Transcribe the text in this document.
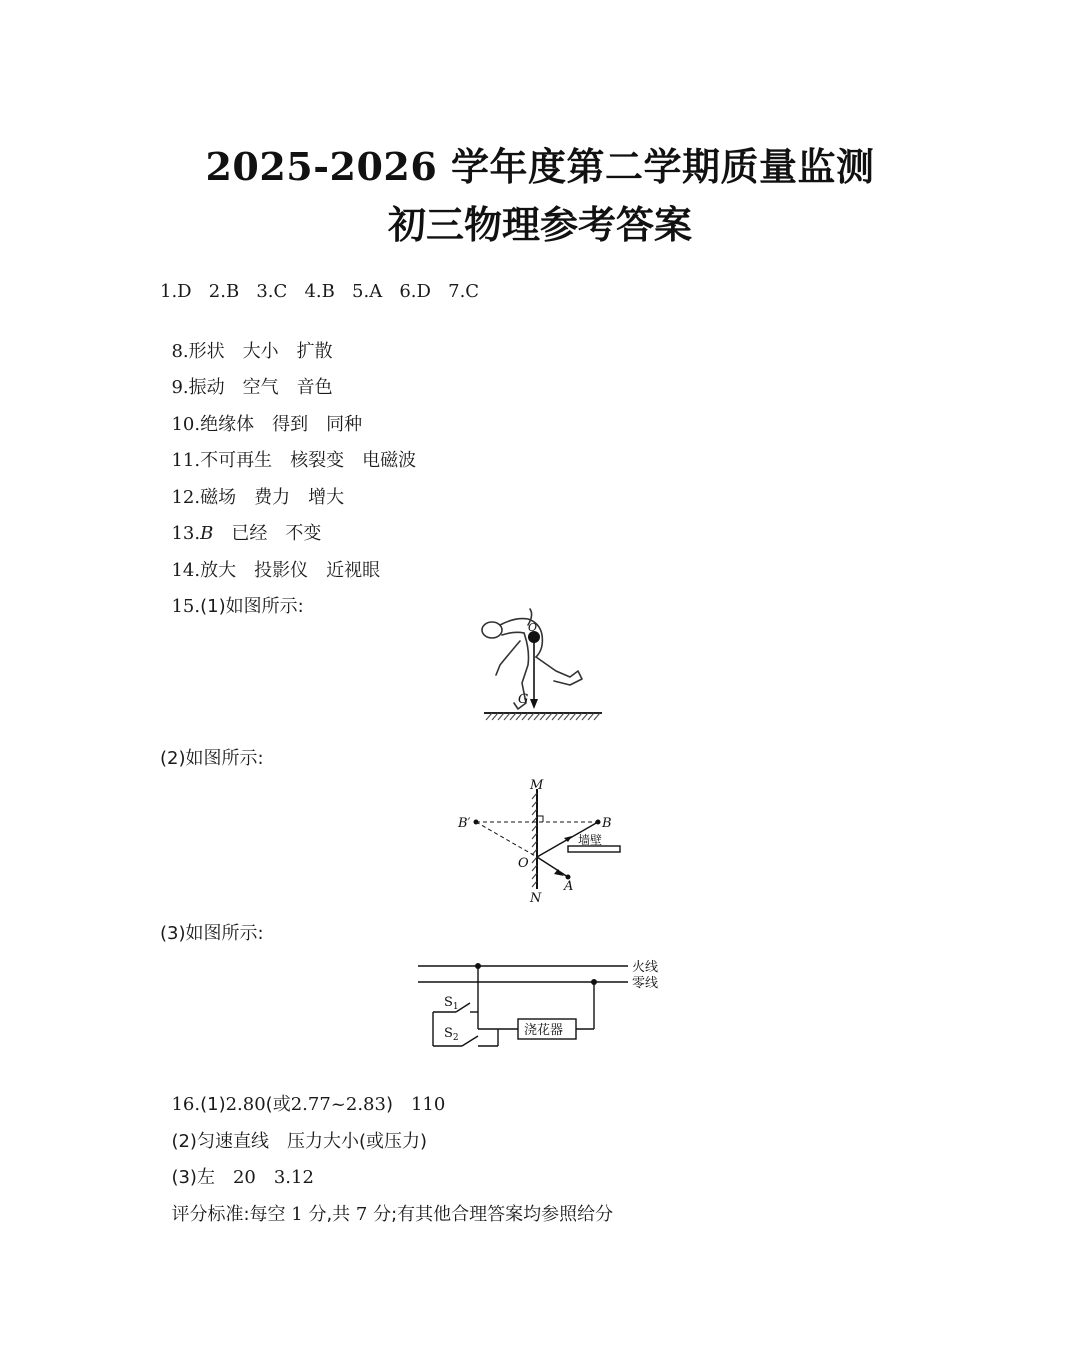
2025-2026 学年度第二学期质量监测
初三物理参考答案
1.D   2.B   3.C   4.B   5.A   6.D   7.C

8.形状 大小 扩散

9.振动 空气 音色

10.绝缘体 得到 同种

11.不可再生 核裂变 电磁波

12.磁场 费力 增大

13.B 已经 不变

14.放大 投影仪 近视眼

15.(1)如图所示:

O
G
(2)如图所示:
M
N
B′	B
O
A
墙壁
(3)如图所示:
火线
零线
$S_1$
$S_2$	浇花器

16.(1)2.80(或2.77~2.83) 110

(2)匀速直线 压力大小(或压力)

(3)左 20 3.12

评分标准:每空 1 分,共 7 分;有其他合理答案均参照给分
